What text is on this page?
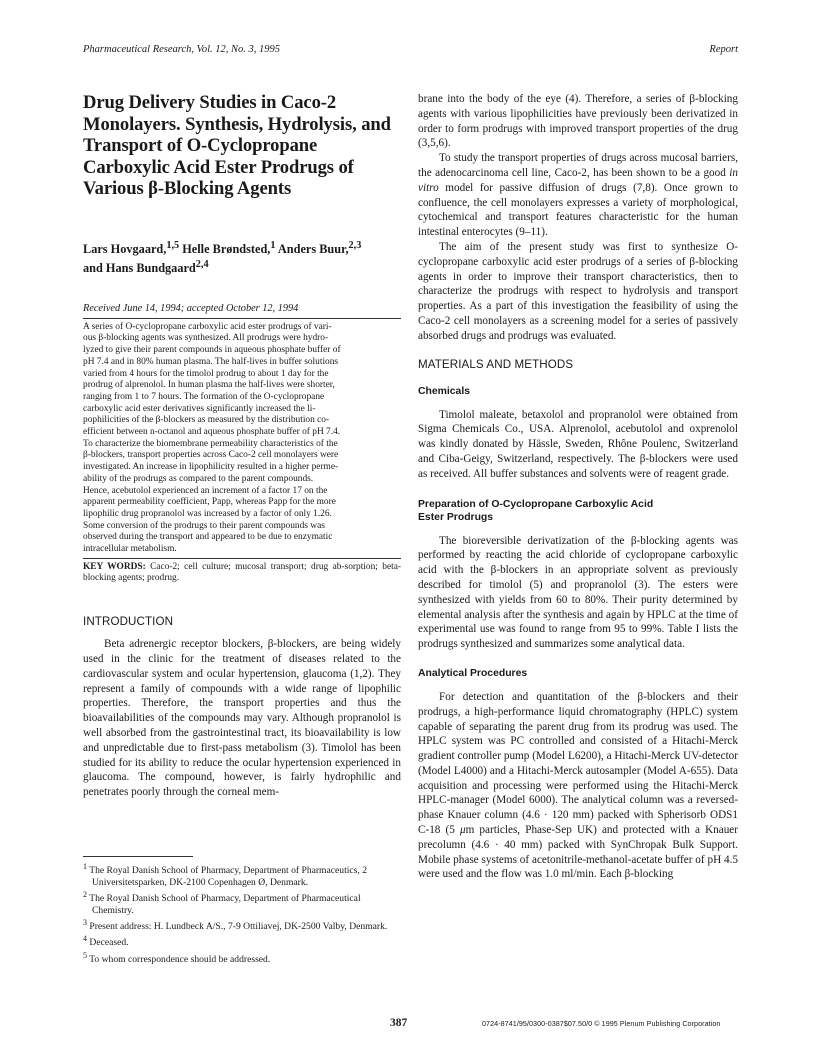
Pharmaceutical Research, Vol. 12, No. 3, 1995	Report
Drug Delivery Studies in Caco-2
Monolayers. Synthesis, Hydrolysis, and
Transport of O-Cyclopropane
Carboxylic Acid Ester Prodrugs of
Various β-Blocking Agents
Lars Hovgaard,$^{1,5}$ Helle Brøndsted,$^1$ Anders Buur,$^{2,3}$
and Hans Bundgaard$^{2,4}$
Received June 14, 1994; accepted October 12, 1994
A series of O-cyclopropane carboxylic acid ester prodrugs of vari-
ous β-blocking agents was synthesized. All prodrugs were hydro-
lyzed to give their parent compounds in aqueous phosphate buffer of
pH 7.4 and in 80% human plasma. The half-lives in buffer solutions
varied from 4 hours for the timolol prodrug to about 1 day for the
prodrug of alprenolol. In human plasma the half-lives were shorter,
ranging from 1 to 7 hours. The formation of the O-cyclopropane
carboxylic acid ester derivatives significantly increased the li-
pophilicities of the β-blockers as measured by the distribution co-
efficient between n-octanol and aqueous phosphate buffer of pH 7.4.
To characterize the biomembrane permeability characteristics of the
β-blockers, transport properties across Caco-2 cell monolayers were
investigated. An increase in lipophilicity resulted in a higher perme-
ability of the prodrugs as compared to the parent compounds.
Hence, acebutolol experienced an increment of a factor 17 on the
apparent permeability coefficient, Papp, whereas Papp for the more
lipophilic drug propranolol was increased by a factor of only 1.26.
Some conversion of the prodrugs to their parent compounds was
observed during the transport and appeared to be due to enzymatic
intracellular metabolism.
KEY WORDS: Caco-2; cell culture; mucosal transport; drug ab-sorption; beta-blocking agents; prodrug.
INTRODUCTION

Beta adrenergic receptor blockers, β-blockers, are being widely used in the clinic for the treatment of diseases related to the cardiovascular system and ocular hypertension, glaucoma (1,2). They represent a family of compounds with a wide range of lipophilic properties. Therefore, the transport properties and thus the bioavailabilities of the compounds may vary. Although propranolol is well absorbed from the gastrointestinal tract, its bioavailability is low and unpredictable due to first-pass metabolism (3). Timolol has been studied for its ability to reduce the ocular hypertension experienced in glaucoma. The compound, however, is fairly hydrophilic and penetrates poorly through the corneal mem-

$^1$ The Royal Danish School of Pharmacy, Department of Pharmaceutics, 2 Universitetsparken, DK-2100 Copenhagen Ø, Denmark.

$^2$ The Royal Danish School of Pharmacy, Department of Pharmaceutical Chemistry.

$^3$ Present address: H. Lundbeck A/S., 7-9 Ottiliavej, DK-2500 Valby, Denmark.

$^4$ Deceased.

$^5$ To whom correspondence should be addressed.

brane into the body of the eye (4). Therefore, a series of β-blocking agents with various lipophilicities have previously been derivatized in order to form prodrugs with improved transport properties of the drug (3,5,6).

To study the transport properties of drugs across mucosal barriers, the adenocarcinoma cell line, Caco-2, has been shown to be a good in vitro model for passive diffusion of drugs (7,8). Once grown to confluence, the cell monolayers expresses a variety of morphological, cytochemical and transport features characteristic for the human intestinal enterocytes (9–11).

The aim of the present study was first to synthesize O-cyclopropane carboxylic acid ester prodrugs of a series of β-blocking agents in order to improve their transport characteristics, then to characterize the prodrugs with respect to hydrolysis and transport properties. As a part of this investigation the feasibility of using the Caco-2 cell monolayers as a screening model for a series of passively absorbed drugs and prodrugs was evaluated.

MATERIALS AND METHODS
Chemicals

Timolol maleate, betaxolol and propranolol were obtained from Sigma Chemicals Co., USA. Alprenolol, acebutolol and oxprenolol was kindly donated by Hässle, Sweden, Rhône Poulenc, Switzerland and Ciba-Geigy, Switzerland, respectively. The β-blockers were used as received. All buffer substances and solvents were of reagent grade.

Preparation of O-Cyclopropane Carboxylic Acid
Ester Prodrugs

The bioreversible derivatization of the β-blocking agents was performed by reacting the acid chloride of cyclopropane carboxylic acid with the β-blockers in an appropriate solvent as previously described for timolol (5) and propranolol (3). The esters were synthesized with yields from 60 to 80%. Their purity determined by elemental analysis after the synthesis and again by HPLC at the time of experimental use was found to range from 95 to 99%. Table I lists the prodrugs synthesized and summarizes some analytical data.

Analytical Procedures

For detection and quantitation of the β-blockers and their prodrugs, a high-performance liquid chromatography (HPLC) system capable of separating the parent drug from its prodrug was used. The HPLC system was PC controlled and consisted of a Hitachi-Merck gradient controller pump (Model L6200), a Hitachi-Merck UV-detector (Model L4000) and a Hitachi-Merck autosampler (Model A-655). Data acquisition and processing were performed using the Hitachi-Merck HPLC-manager (Model 6000). The analytical column was a reversed-phase Knauer column (4.6 · 120 mm) packed with Spherisorb ODS1 C-18 (5 μm particles, Phase-Sep UK) and protected with a Knauer precolumn (4.6 · 40 mm) packed with SynChropak Bulk Support. Mobile phase systems of acetonitrile-methanol-acetate buffer of pH 4.5 were used and the flow was 1.0 ml/min. Each β-blocking

387	0724-8741/95/0300-0387$07.50/0 © 1995 Plenum Publishing Corporation
